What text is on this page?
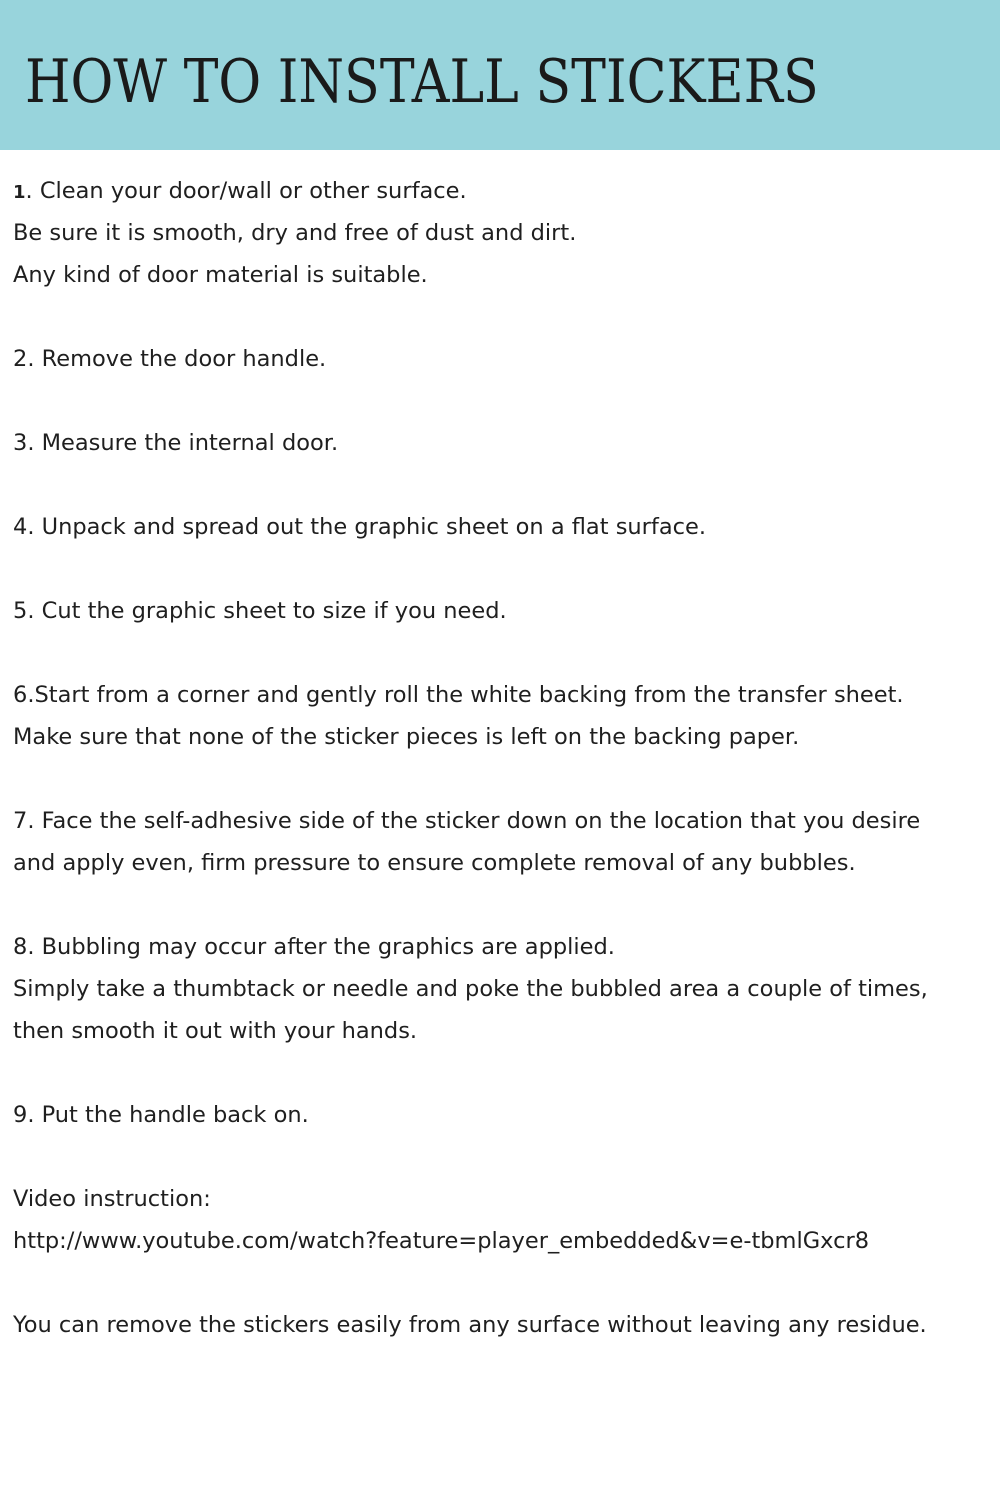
HOW TO INSTALL STICKERS
1. Clean your door/wall or other surface.
Be sure it is smooth, dry and free of dust and dirt.
Any kind of door material is suitable.
2. Remove the door handle.
3. Measure the internal door.
4. Unpack and spread out the graphic sheet on a flat surface.
5. Cut the graphic sheet to size if you need.
6.Start from a corner and gently roll the white backing from the transfer sheet.
Make sure that none of the sticker pieces is left on the backing paper.
7. Face the self-adhesive side of the sticker down on the location that you desire
and apply even, firm pressure to ensure complete removal of any bubbles.
8. Bubbling may occur after the graphics are applied.
Simply take a thumbtack or needle and poke the bubbled area a couple of times,
then smooth it out with your hands.
9. Put the handle back on.
Video instruction:
http://www.youtube.com/watch?feature=player_embedded&v=e-tbmlGxcr8
You can remove the stickers easily from any surface without leaving any residue.
